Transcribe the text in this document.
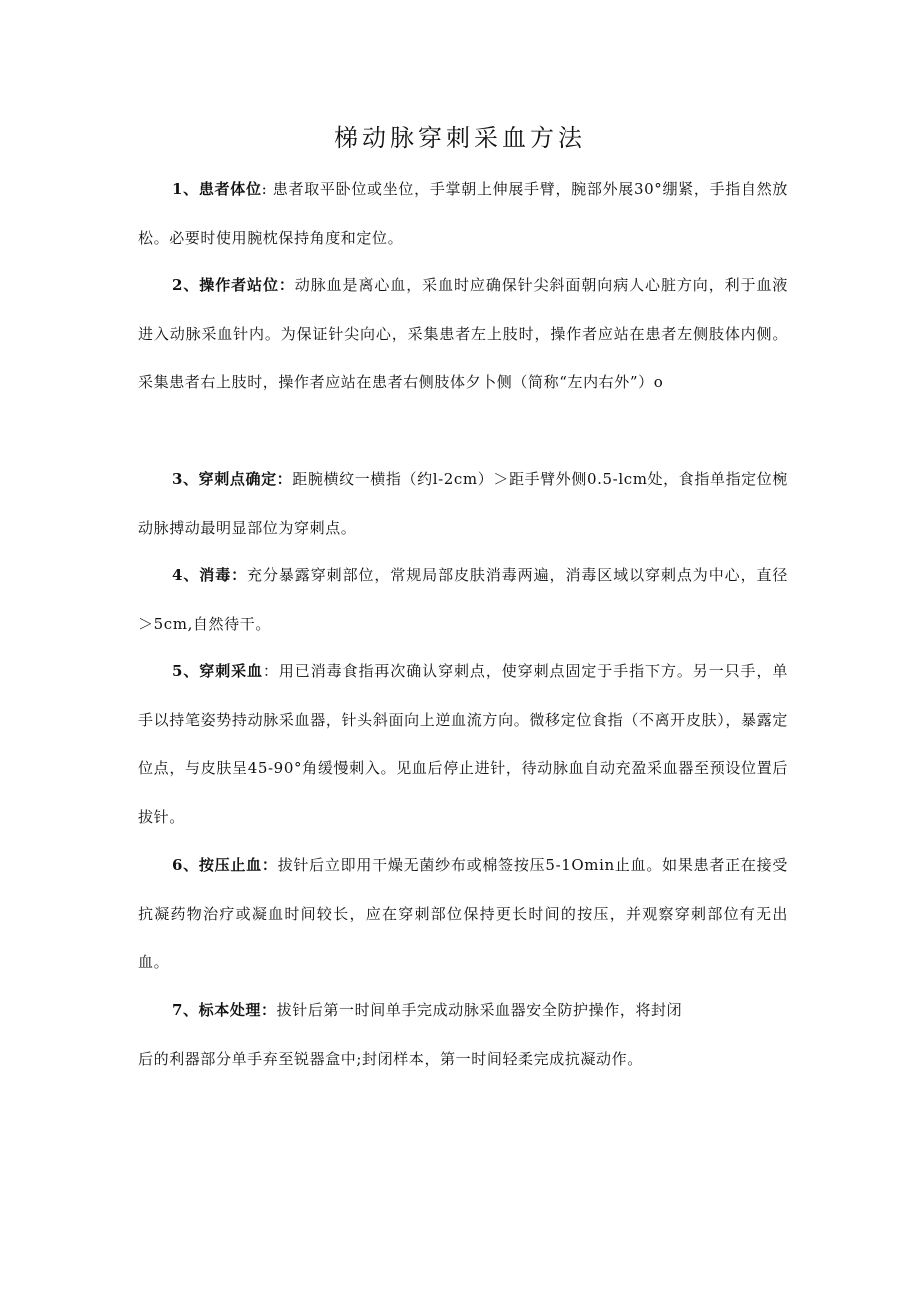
梯动脉穿刺采血方法

1、患者体位: 患者取平卧位或坐位，手掌朝上伸展手臂，腕部外展30°绷紧，手指自然放松。必要时使用腕枕保持角度和定位。

2、操作者站位：动脉血是离心血，采血时应确保针尖斜面朝向病人心脏方向，利于血液进入动脉采血针内。为保证针尖向心，采集患者左上肢时，操作者应站在患者左侧肢体内侧。采集患者右上肢时，操作者应站在患者右侧肢体夕卜侧（简称“左内右外”）o

3、穿刺点确定：距腕横纹一横指（约l-2cm）＞距手臂外侧0.5-lcm处，食指单指定位椀动脉搏动最明显部位为穿刺点。

4、消毒：充分暴露穿刺部位，常规局部皮肤消毒两遍，消毒区域以穿刺点为中心，直径＞5cm,自然待干。

5、穿刺采血：用已消毒食指再次确认穿刺点，使穿刺点固定于手指下方。另一只手，单手以持笔姿势持动脉采血器，针头斜面向上逆血流方向。微移定位食指（不离开皮肤），暴露定位点，与皮肤呈45-90°角缓慢刺入。见血后停止进针，待动脉血自动充盈采血器至预设位置后拔针。

6、按压止血：拔针后立即用干燥无菌纱布或棉签按压5-1Omin止血。如果患者正在接受抗凝药物治疗或凝血时间较长，应在穿刺部位保持更长时间的按压，并观察穿刺部位有无出血。

7、标本处理：拔针后第一时间单手完成动脉采血器安全防护操作，将封闭

后的利器部分单手弃至锐器盒中;封闭样本，第一时间轻柔完成抗凝动作。
